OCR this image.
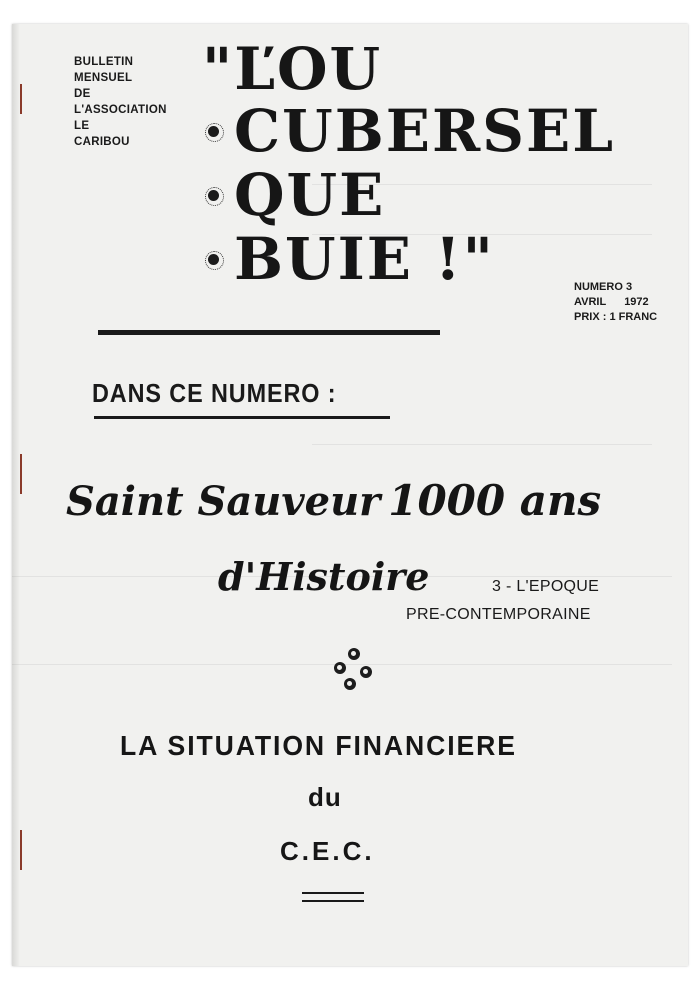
BULLETIN
MENSUEL
DE
L'ASSOCIATION
LE
CARIBOU

"ĽOU
CUBERSEL
QUE
BUIE !"	NUMERO 3
AVRIL 1972
PRIX : 1 FRANC
DANS CE NUMERO :
Saint Sauveur 1000 ans
d'Histoire	3 - L'EPOQUE
PRE-CONTEMPORAINE
LA SITUATION FINANCIERE
du
C.E.C.
